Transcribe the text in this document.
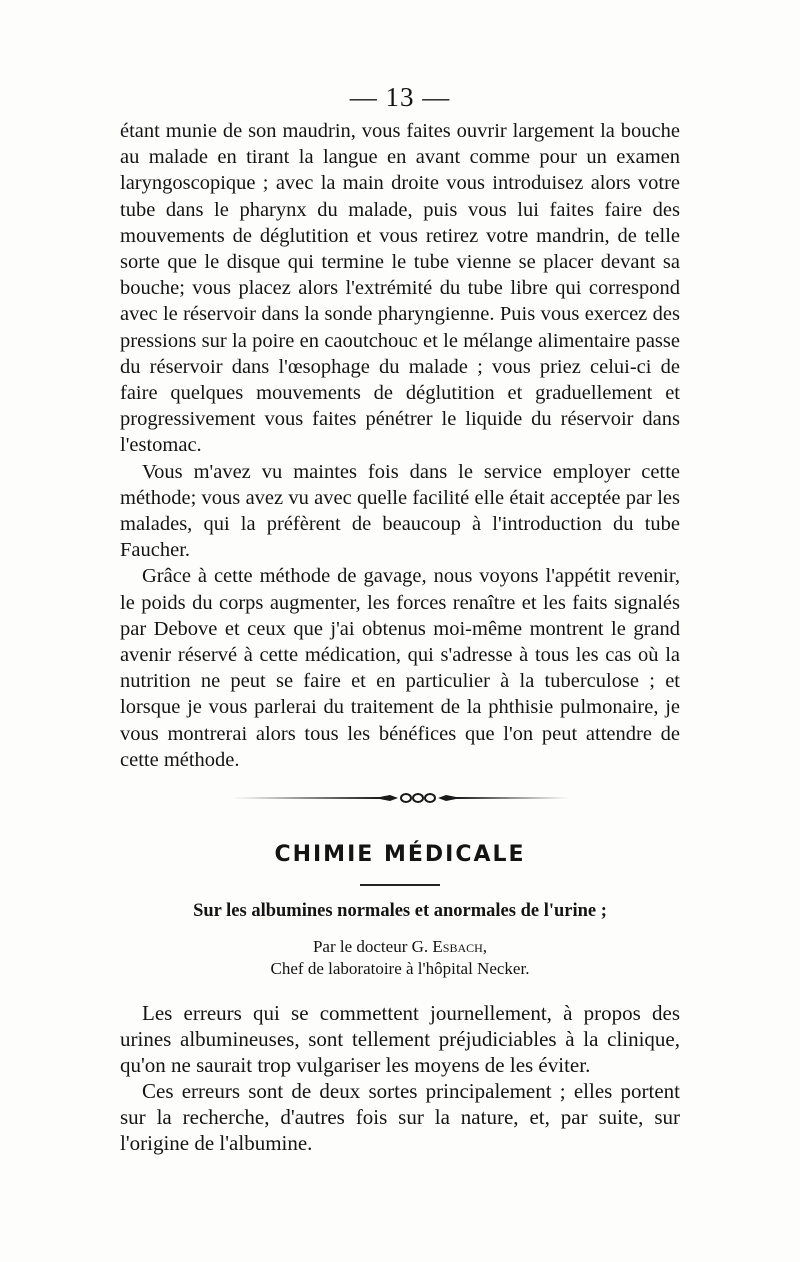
— 13 —

étant munie de son maudrin, vous faites ouvrir largement la bouche au malade en tirant la langue en avant comme pour un examen laryngoscopique ; avec la main droite vous introduisez alors votre tube dans le pharynx du malade, puis vous lui faites faire des mouvements de déglutition et vous retirez votre mandrin, de telle sorte que le disque qui termine le tube vienne se placer devant sa bouche; vous placez alors l'extrémité du tube libre qui correspond avec le réservoir dans la sonde pharyngienne. Puis vous exercez des pressions sur la poire en caoutchouc et le mélange alimentaire passe du réservoir dans l'œsophage du malade ; vous priez celui-ci de faire quelques mouvements de déglutition et graduellement et progressivement vous faites pénétrer le liquide du réservoir dans l'estomac.

Vous m'avez vu maintes fois dans le service employer cette méthode; vous avez vu avec quelle facilité elle était acceptée par les malades, qui la préfèrent de beaucoup à l'introduction du tube Faucher.

Grâce à cette méthode de gavage, nous voyons l'appétit revenir, le poids du corps augmenter, les forces renaître et les faits signalés par Debove et ceux que j'ai obtenus moi-même montrent le grand avenir réservé à cette médication, qui s'adresse à tous les cas où la nutrition ne peut se faire et en particulier à la tuberculose ; et lorsque je vous parlerai du traitement de la phthisie pulmonaire, je vous montrerai alors tous les bénéfices que l'on peut attendre de cette méthode.

CHIMIE MÉDICALE
Sur les albumines normales et anormales de l'urine ;
Par le docteur G. Esbach,
Chef de laboratoire à l'hôpital Necker.

Les erreurs qui se commettent journellement, à propos des urines albumineuses, sont tellement préjudiciables à la clinique, qu'on ne saurait trop vulgariser les moyens de les éviter.

Ces erreurs sont de deux sortes principalement ; elles portent sur la recherche, d'autres fois sur la nature, et, par suite, sur l'origine de l'albumine.
